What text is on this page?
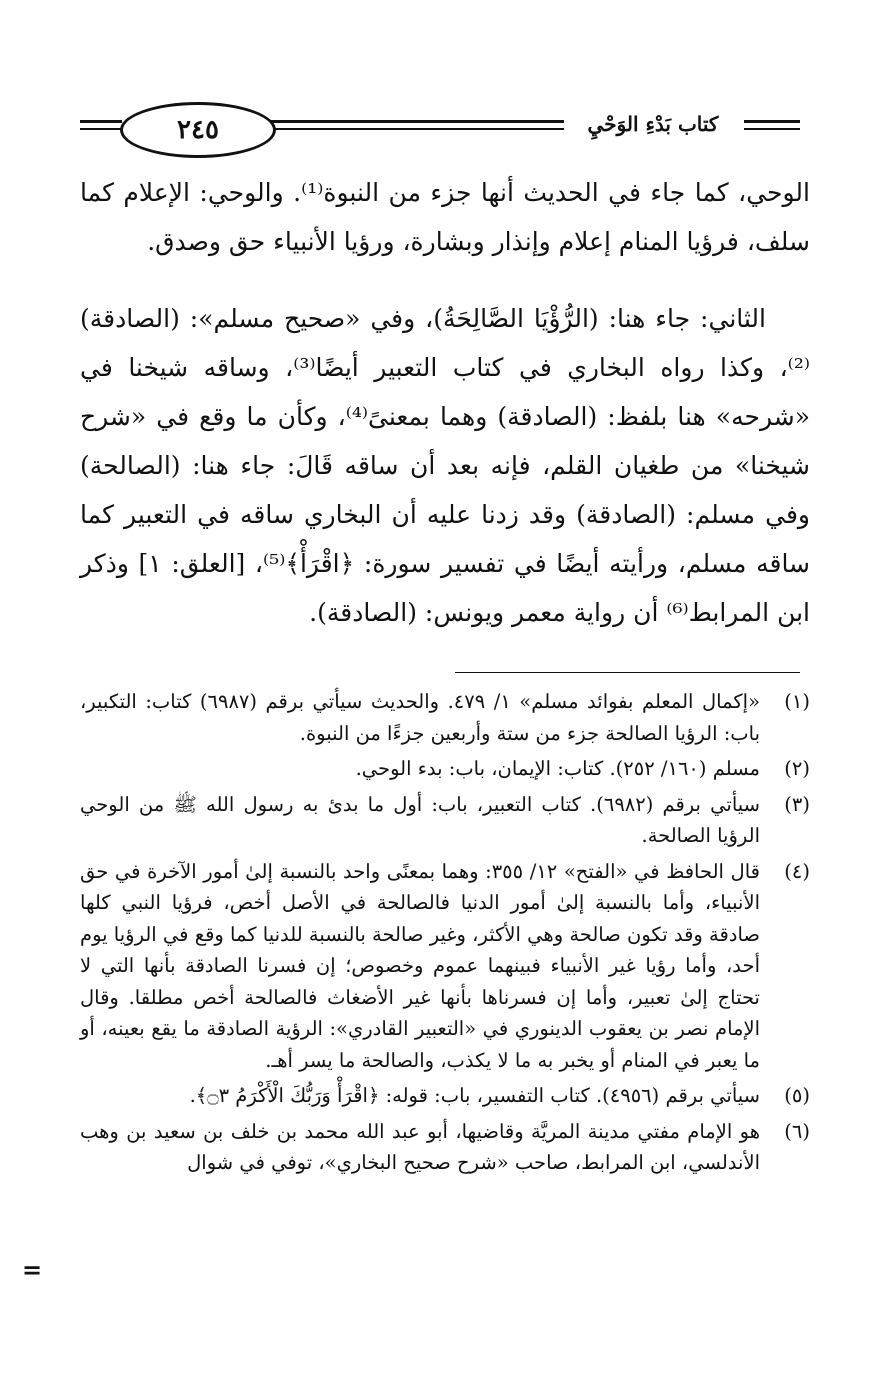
٢٤٥	كتاب بَدْءِ الوَحْيِ

الوحي، كما جاء في الحديث أنها جزء من النبوة⁽¹⁾. والوحي: الإعلام كما سلف، فرؤيا المنام إعلام وإنذار وبشارة، ورؤيا الأنبياء حق وصدق.

الثاني: جاء هنا: (الرُّؤْيَا الصَّالِحَةُ)، وفي «صحيح مسلم»: (الصادقة)⁽²⁾، وكذا رواه البخاري في كتاب التعبير أيضًا⁽³⁾، وساقه شيخنا في «شرحه» هنا بلفظ: (الصادقة) وهما بمعنىً⁽⁴⁾، وكأن ما وقع في «شرح شيخنا» من طغيان القلم، فإنه بعد أن ساقه قَالَ: جاء هنا: (الصالحة) وفي مسلم: (الصادقة) وقد زدنا عليه أن البخاري ساقه في التعبير كما ساقه مسلم، ورأيته أيضًا في تفسير سورة: ﴿اقْرَأْ﴾⁽⁵⁾، [العلق: ١] وذكر ابن المرابط⁽⁶⁾ أن رواية معمر ويونس: (الصادقة).

(١)
«إكمال المعلم بفوائد مسلم» ١/ ٤٧٩. والحديث سيأتي برقم (٦٩٨٧) كتاب: التكبير، باب: الرؤيا الصالحة جزء من ستة وأربعين جزءًا من النبوة.
(٢)
مسلم (١٦٠/ ٢٥٢). كتاب: الإيمان، باب: بدء الوحي.
(٣)
سيأتي برقم (٦٩٨٢). كتاب التعبير، باب: أول ما بدئ به رسول الله ﷺ من الوحي الرؤيا الصالحة.
(٤)
قال الحافظ في «الفتح» ١٢/ ٣٥٥: وهما بمعنًى واحد بالنسبة إلىٰ أمور الآخرة في حق الأنبياء، وأما بالنسبة إلىٰ أمور الدنيا فالصالحة في الأصل أخص، فرؤيا النبي كلها صادقة وقد تكون صالحة وهي الأكثر، وغير صالحة بالنسبة للدنيا كما وقع في الرؤيا يوم أحد، وأما رؤيا غير الأنبياء فبينهما عموم وخصوص؛ إن فسرنا الصادقة بأنها التي لا تحتاج إلىٰ تعبير، وأما إن فسرناها بأنها غير الأضغاث فالصالحة أخص مطلقا. وقال الإمام نصر بن يعقوب الدينوري في «التعبير القادري»: الرؤية الصادقة ما يقع بعينه، أو ما يعبر في المنام أو يخبر به ما لا يكذب، والصالحة ما يسر أهـ.
(٥)
سيأتي برقم (٤٩٥٦). كتاب التفسير، باب: قوله: ﴿اقْرَأْ وَرَبُّكَ الْأَكْرَمُ ۝٣﴾.
(٦)
هو الإمام مفتي مدينة المريَّة وقاضيها، أبو عبد الله محمد بن خلف بن سعيد بن وهب الأندلسي، ابن المرابط، صاحب «شرح صحيح البخاري»، توفي في شوال
=
